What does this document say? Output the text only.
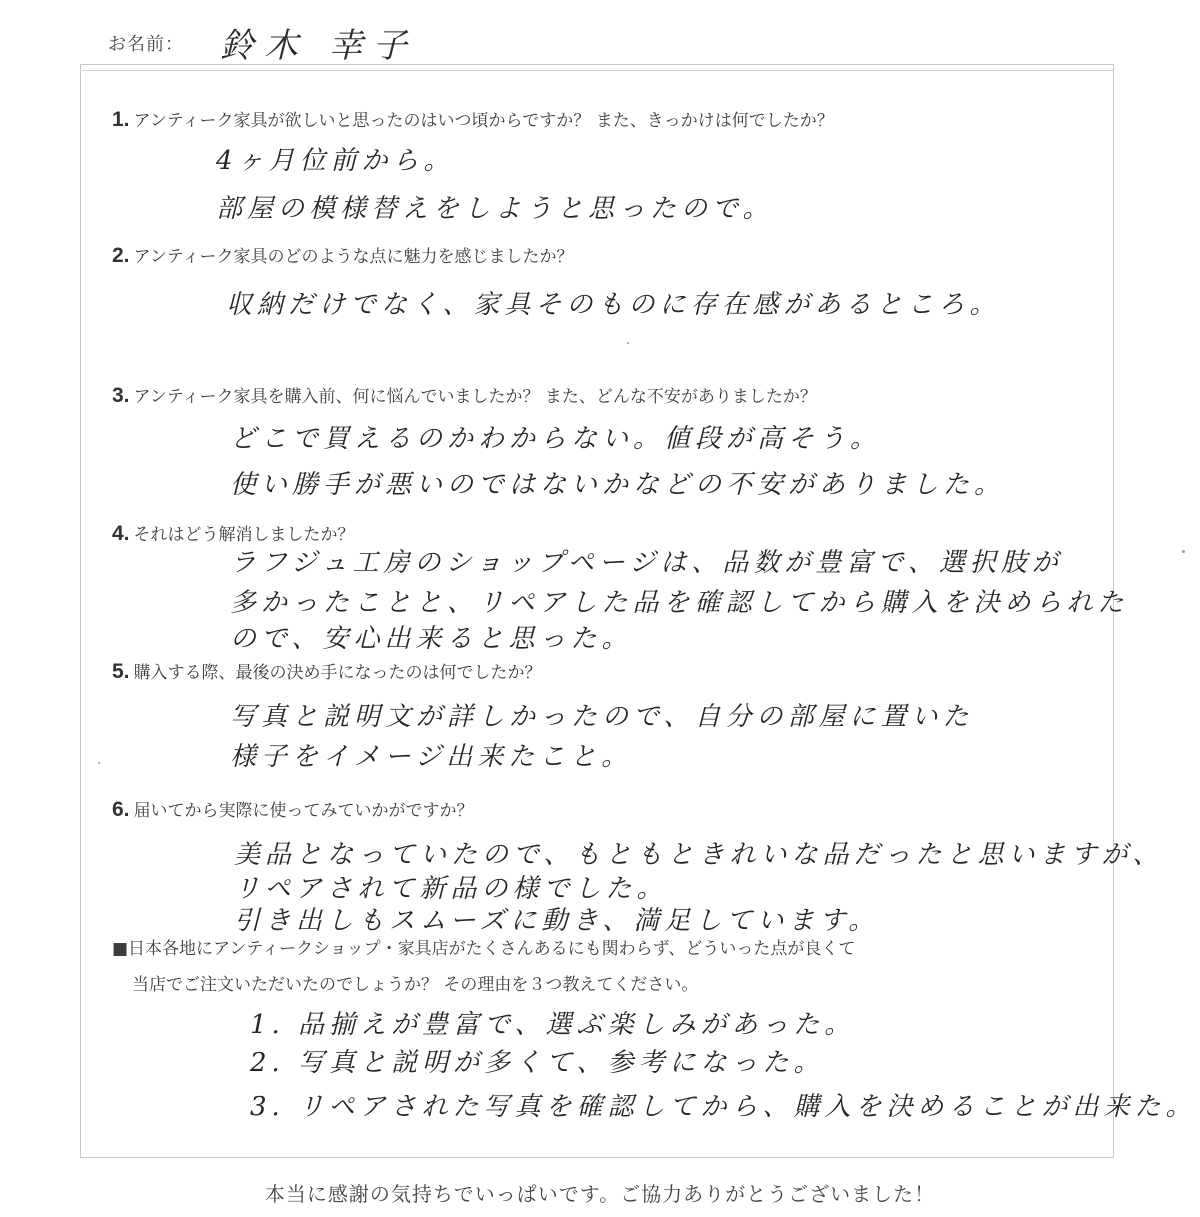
お名前： 鈴木 幸子
1. アンティーク家具が欲しいと思ったのはいつ頃からですか？ また、きっかけは何でしたか？
4ヶ月位前から。
部屋の模様替えをしようと思ったので。
2. アンティーク家具のどのような点に魅力を感じましたか？
収納だけでなく、家具そのものに存在感があるところ。
3. アンティーク家具を購入前、何に悩んでいましたか？ また、どんな不安がありましたか？
どこで買えるのかわからない。値段が高そう。
使い勝手が悪いのではないかなどの不安がありました。
4. それはどう解消しましたか？
ラフジュ工房のショップページは、品数が豊富で、選択肢が
多かったことと、リペアした品を確認してから購入を決められた
ので、安心出来ると思った。
5. 購入する際、最後の決め手になったのは何でしたか？
写真と説明文が詳しかったので、自分の部屋に置いた
様子をイメージ出来たこと。
6. 届いてから実際に使ってみていかがですか？
美品となっていたので、もともときれいな品だったと思いますが、
リペアされて新品の様でした。
引き出しもスムーズに動き、満足しています。
■日本各地にアンティークショップ・家具店がたくさんあるにも関わらず、どういった点が良くて
当店でご注文いただいたのでしょうか？ その理由を３つ教えてください。
1. 品揃えが豊富で、選ぶ楽しみがあった。
2. 写真と説明が多くて、参考になった。
3. リペアされた写真を確認してから、購入を決めることが出来た。
本当に感謝の気持ちでいっぱいです。ご協力ありがとうございました！
